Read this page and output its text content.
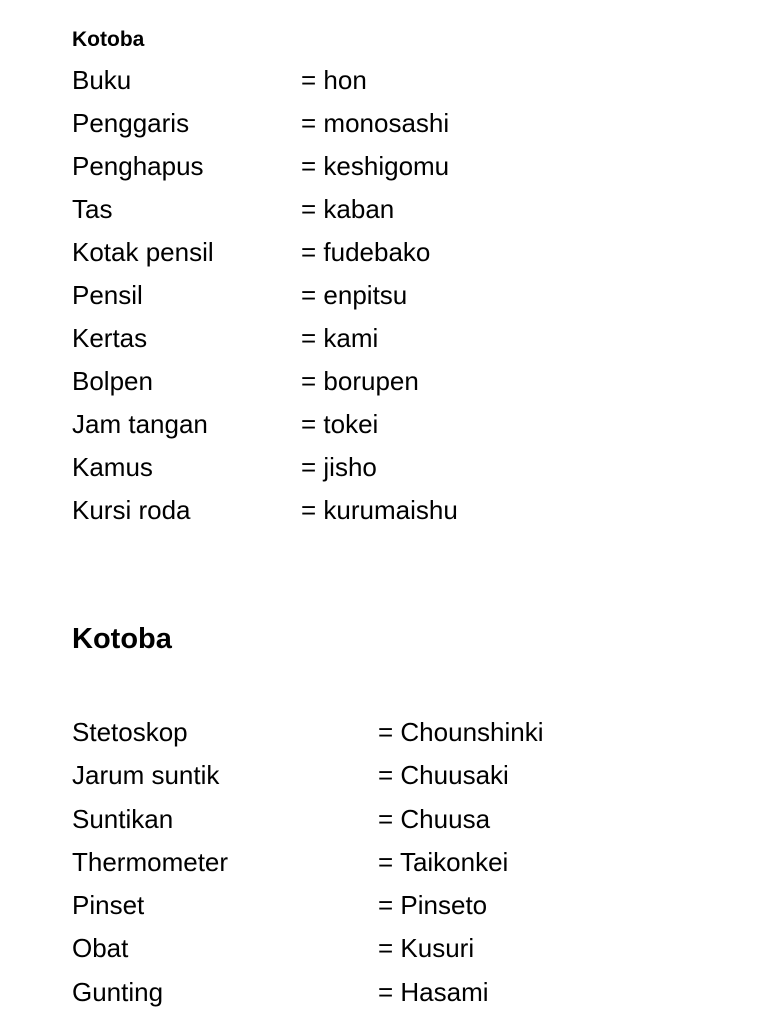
Kotoba
Buku	= hon
Penggaris	= monosashi
Penghapus	= keshigomu
Tas	= kaban
Kotak pensil	= fudebako
Pensil	= enpitsu
Kertas	= kami
Bolpen	= borupen
Jam tangan	= tokei
Kamus	= jisho
Kursi roda	= kurumaishu
Kotoba
Stetoskop	= Chounshinki
Jarum suntik	= Chuusaki
Suntikan	= Chuusa
Thermometer	= Taikonkei
Pinset	= Pinseto
Obat	= Kusuri
Gunting	= Hasami
